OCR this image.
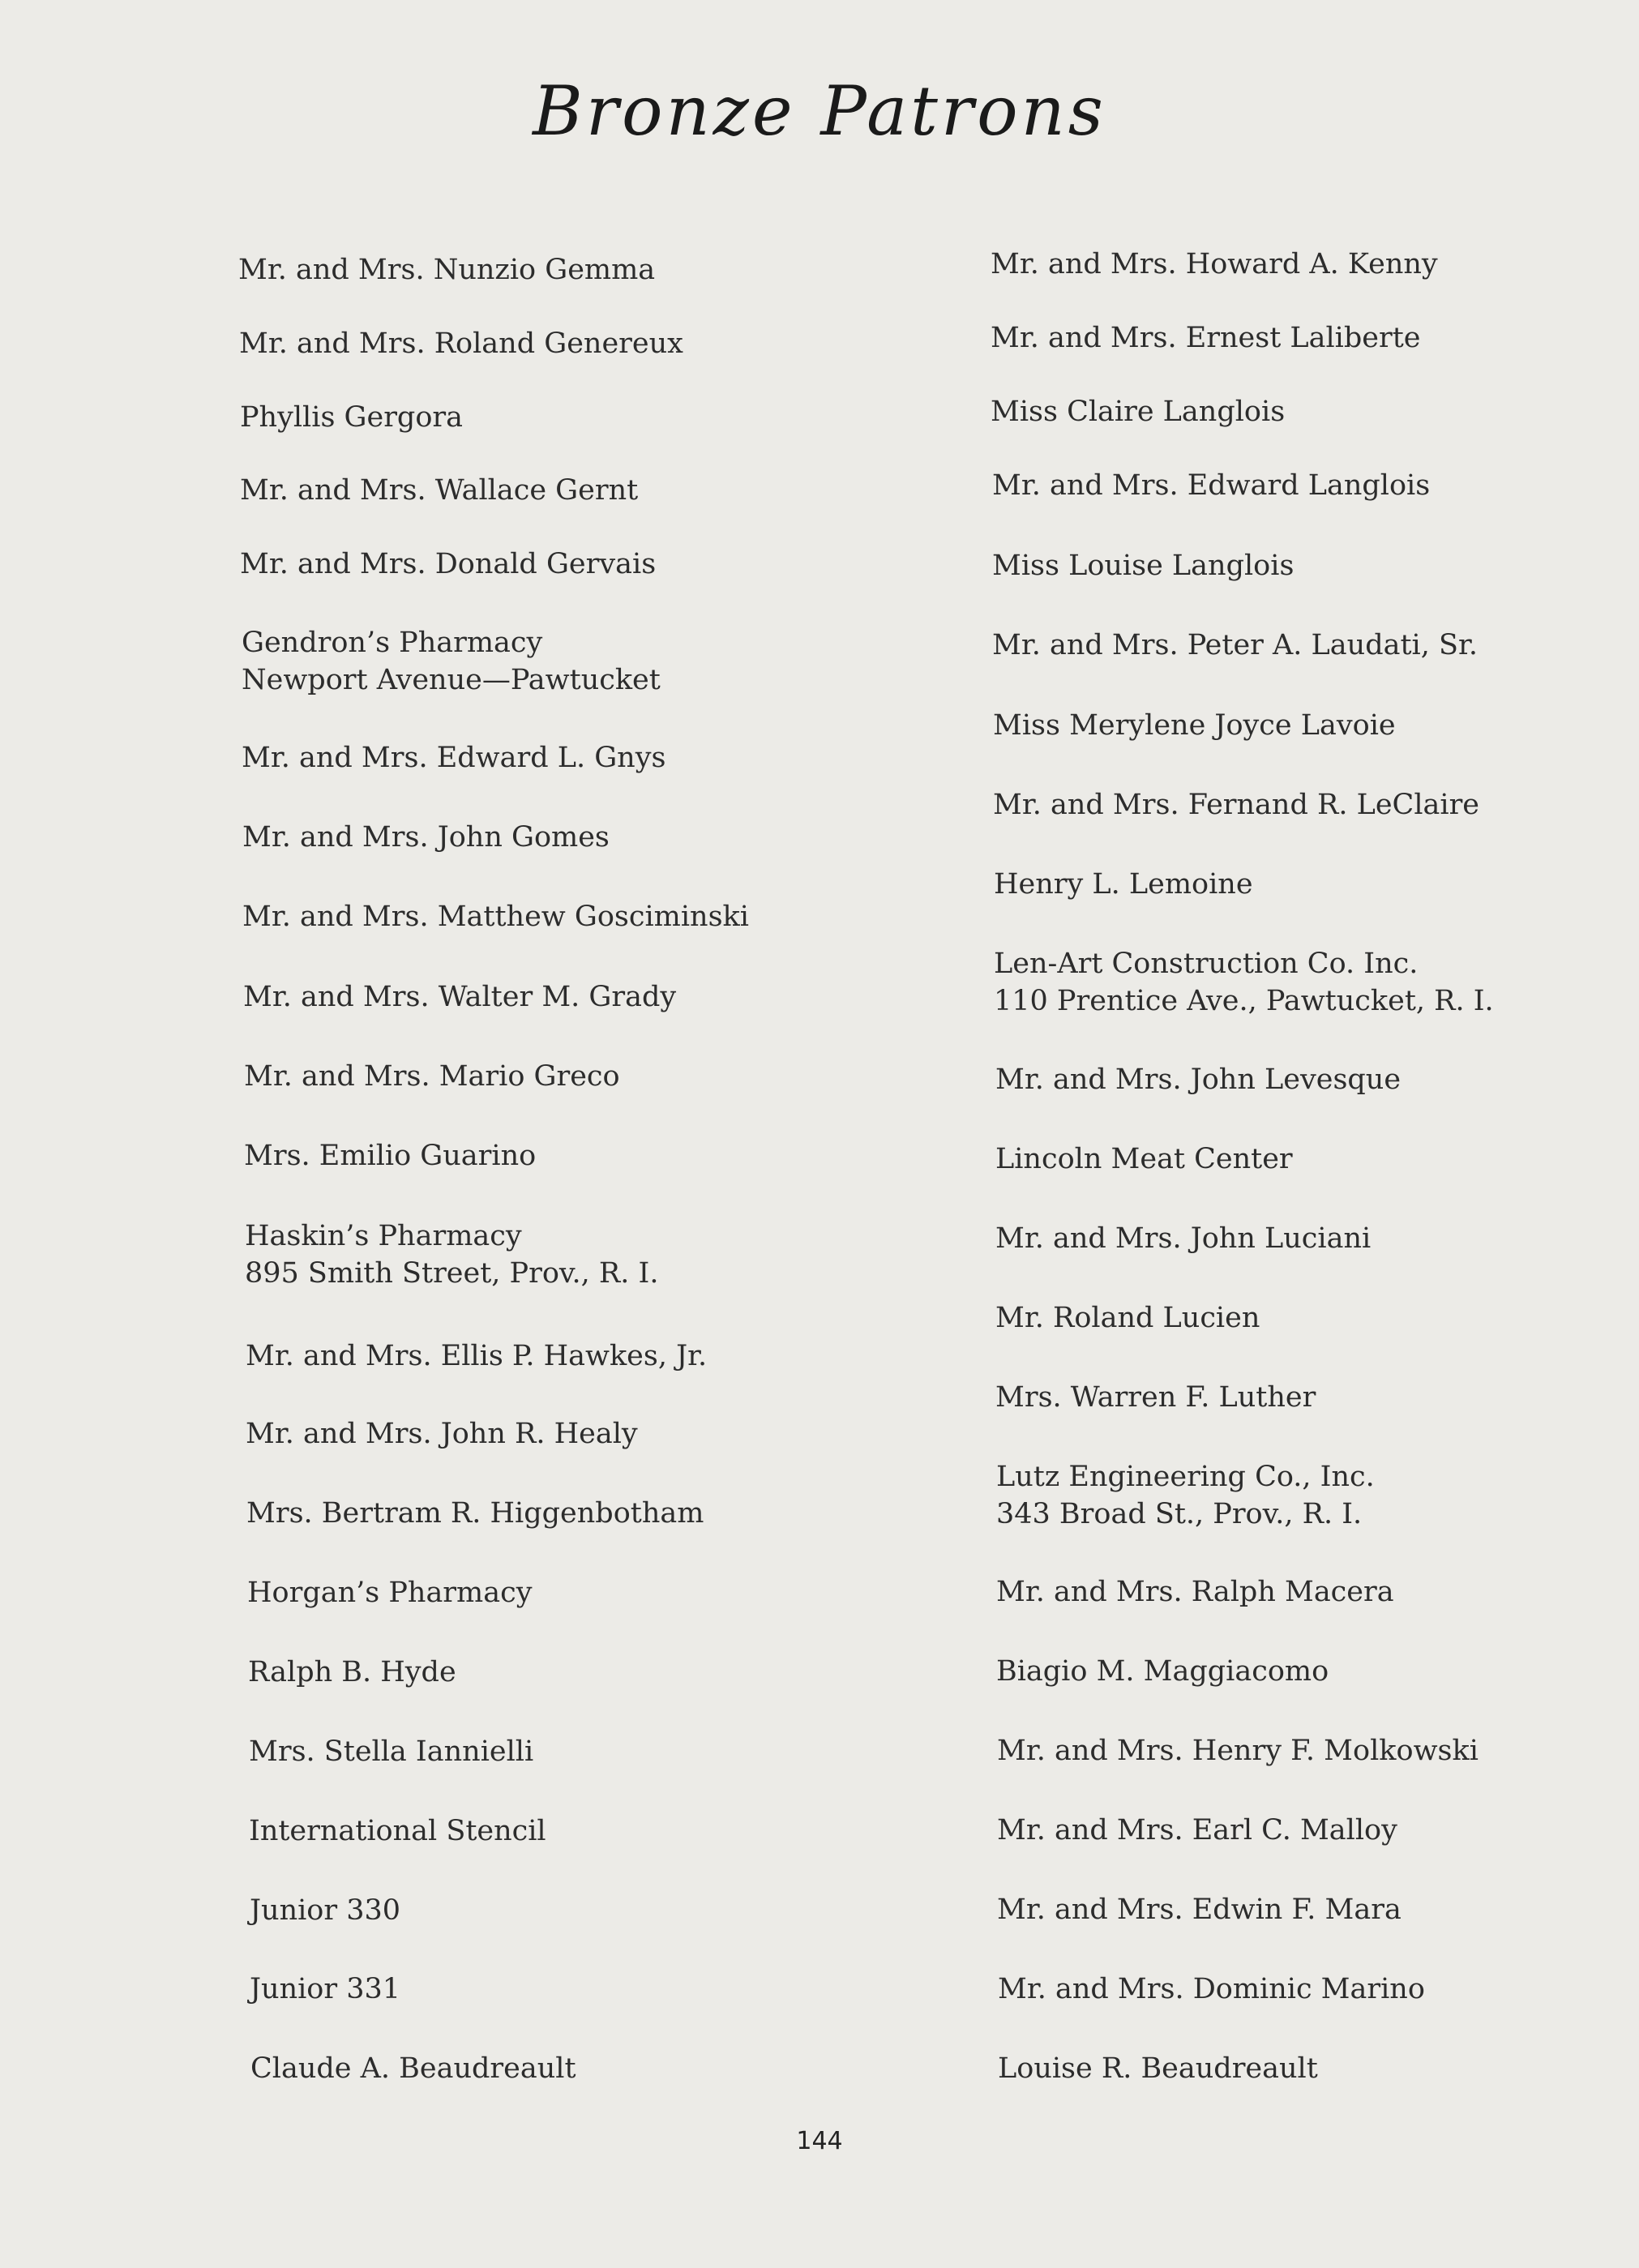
Bronze Patrons
Mr. and Mrs. Nunzio Gemma
Mr. and Mrs. Roland Genereux
Phyllis Gergora
Mr. and Mrs. Wallace Gernt
Mr. and Mrs. Donald Gervais
Gendron’s Pharmacy
Newport Avenue—Pawtucket
Mr. and Mrs. Edward L. Gnys
Mr. and Mrs. John Gomes
Mr. and Mrs. Matthew Gosciminski
Mr. and Mrs. Walter M. Grady
Mr. and Mrs. Mario Greco
Mrs. Emilio Guarino
Haskin’s Pharmacy
895 Smith Street, Prov., R. I.
Mr. and Mrs. Ellis P. Hawkes, Jr.
Mr. and Mrs. John R. Healy
Mrs. Bertram R. Higgenbotham
Horgan’s Pharmacy
Ralph B. Hyde
Mrs. Stella Iannielli
International Stencil
Junior 330
Junior 331
Claude A. Beaudreault
Mr. and Mrs. Howard A. Kenny
Mr. and Mrs. Ernest Laliberte
Miss Claire Langlois
Mr. and Mrs. Edward Langlois
Miss Louise Langlois
Mr. and Mrs. Peter A. Laudati, Sr.
Miss Merylene Joyce Lavoie
Mr. and Mrs. Fernand R. LeClaire
Henry L. Lemoine
Len-Art Construction Co. Inc.
110 Prentice Ave., Pawtucket, R. I.
Mr. and Mrs. John Levesque
Lincoln Meat Center
Mr. and Mrs. John Luciani
Mr. Roland Lucien
Mrs. Warren F. Luther
Lutz Engineering Co., Inc.
343 Broad St., Prov., R. I.
Mr. and Mrs. Ralph Macera
Biagio M. Maggiacomo
Mr. and Mrs. Henry F. Molkowski
Mr. and Mrs. Earl C. Malloy
Mr. and Mrs. Edwin F. Mara
Mr. and Mrs. Dominic Marino
Louise R. Beaudreault
144
